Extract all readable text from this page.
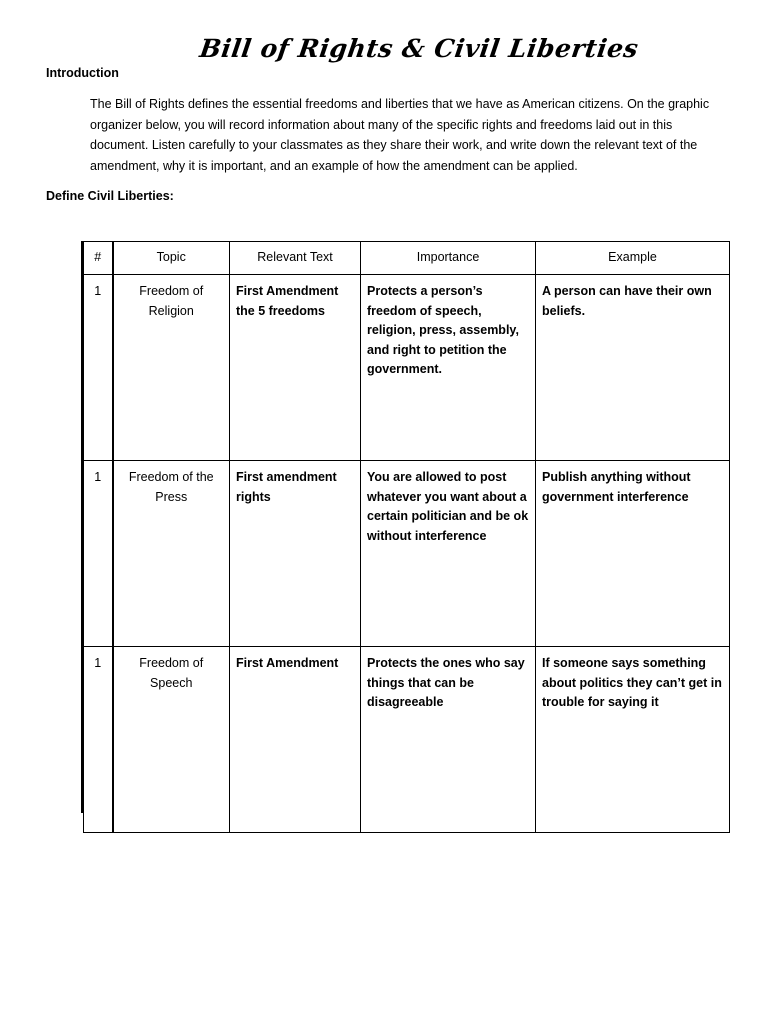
Bill of Rights & Civil Liberties
Introduction
The Bill of Rights defines the essential freedoms and liberties that we have as American citizens. On the graphic organizer below, you will record information about many of the specific rights and freedoms laid out in this document. Listen carefully to your classmates as they share their work, and write down the relevant text of the amendment, why it is important, and an example of how the amendment can be applied.
Define Civil Liberties:
#	Topic	Relevant Text	Importance	Example
1	Freedom of Religion	First Amendment the 5 freedoms	Protects a person’s freedom of speech, religion, press, assembly, and right to petition the government.	A person can have their own beliefs.
1	Freedom of the Press	First amendment rights	You are allowed to post whatever you want about a certain politician and be ok without interference	Publish anything without government interference
1	Freedom of Speech	First Amendment	Protects the ones who say things that can be disagreeable	If someone says something about politics they can’t get in trouble for saying it
